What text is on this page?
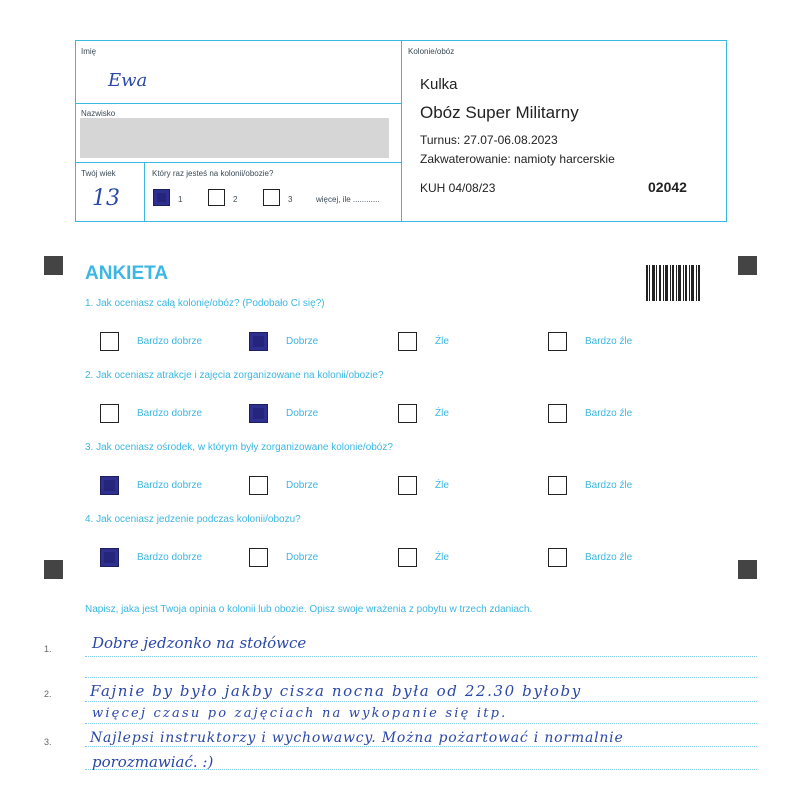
Imię
Ewa
Nazwisko
Twój wiek
13
Który raz jesteś na kolonii/obozie?
1	2	3	więcej, ile ............
Kolonie/obóz
Kulka
Obóz Super Militarny
Turnus: 27.07-06.08.2023
Zakwaterowanie: namioty harcerskie
KUH 04/08/23	02042
ANKIETA
1. Jak oceniasz całą kolonię/obóz? (Podobało Ci się?)
Bardzo dobrze	Dobrze	Źle	Bardzo źle
2. Jak oceniasz atrakcje i zajęcia zorganizowane na kolonii/obozie?
Bardzo dobrze	Dobrze	Źle	Bardzo źle
3. Jak oceniasz ośrodek, w którym były zorganizowane kolonie/obóz?
Bardzo dobrze	Dobrze	Źle	Bardzo źle
4. Jak oceniasz jedzenie podczas kolonii/obozu?
Bardzo dobrze	Dobrze	Źle	Bardzo źle
Napisz, jaka jest Twoja opinia o kolonii lub obozie. Opisz swoje wrażenia z pobytu w trzech zdaniach.
1.
2.
3.
Dobre jedzonko na stołówce
Fajnie by było jakby cisza nocna była od 22.30 byłoby
więcej czasu po zajęciach na wykopanie się itp.
Najlepsi instruktorzy i wychowawcy. Można pożartować i normalnie
porozmawiać. :)
